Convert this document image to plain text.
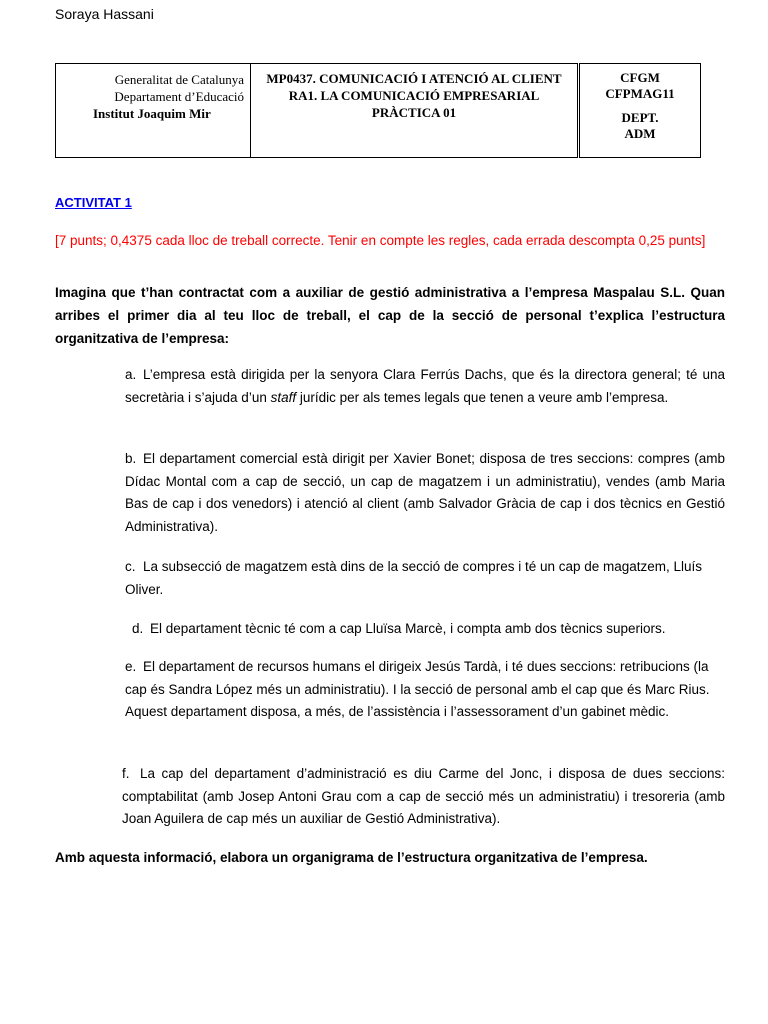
Soraya Hassani
Generalitat de Catalunya
Departament d’Educació
Institut Joaquim Mir

MP0437. COMUNICACIÓ I ATENCIÓ AL CLIENT RA1. LA COMUNICACIÓ EMPRESARIAL PRÀCTICA 01

CFGM
CFPMAG11
DEPT.
ADM
ACTIVITAT 1
[7 punts; 0,4375 cada lloc de treball correcte. Tenir en compte les regles, cada errada descompta 0,25 punts]
Imagina que t’han contractat com a auxiliar de gestió administrativa a l’empresa Maspalau S.L. Quan arribes el primer dia al teu lloc de treball, el cap de la secció de personal t’explica l’estructura organitzativa de l’empresa:
a. L’empresa està dirigida per la senyora Clara Ferrús Dachs, que és la directora general; té una secretària i s’ajuda d’un staff jurídic per als temes legals que tenen a veure amb l’empresa.
b. El departament comercial està dirigit per Xavier Bonet; disposa de tres seccions: compres (amb Dídac Montal com a cap de secció, un cap de magatzem i un administratiu), vendes (amb Maria Bas de cap i dos venedors) i atenció al client (amb Salvador Gràcia de cap i dos tècnics en Gestió Administrativa).
c. La subsecció de magatzem està dins de la secció de compres i té un cap de magatzem, Lluís Oliver.
d. El departament tècnic té com a cap Lluïsa Marcè, i compta amb dos tècnics superiors.
e. El departament de recursos humans el dirigeix Jesús Tardà, i té dues seccions: retribucions (la cap és Sandra López més un administratiu). I la secció de personal amb el cap que és Marc Rius. Aquest departament disposa, a més, de l’assistència i l’assessorament d’un gabinet mèdic.
f. La cap del departament d’administració es diu Carme del Jonc, i disposa de dues seccions: comptabilitat (amb Josep Antoni Grau com a cap de secció més un administratiu) i tresoreria (amb Joan Aguilera de cap més un auxiliar de Gestió Administrativa).
Amb aquesta informació, elabora un organigrama de l’estructura organitzativa de l’empresa.
